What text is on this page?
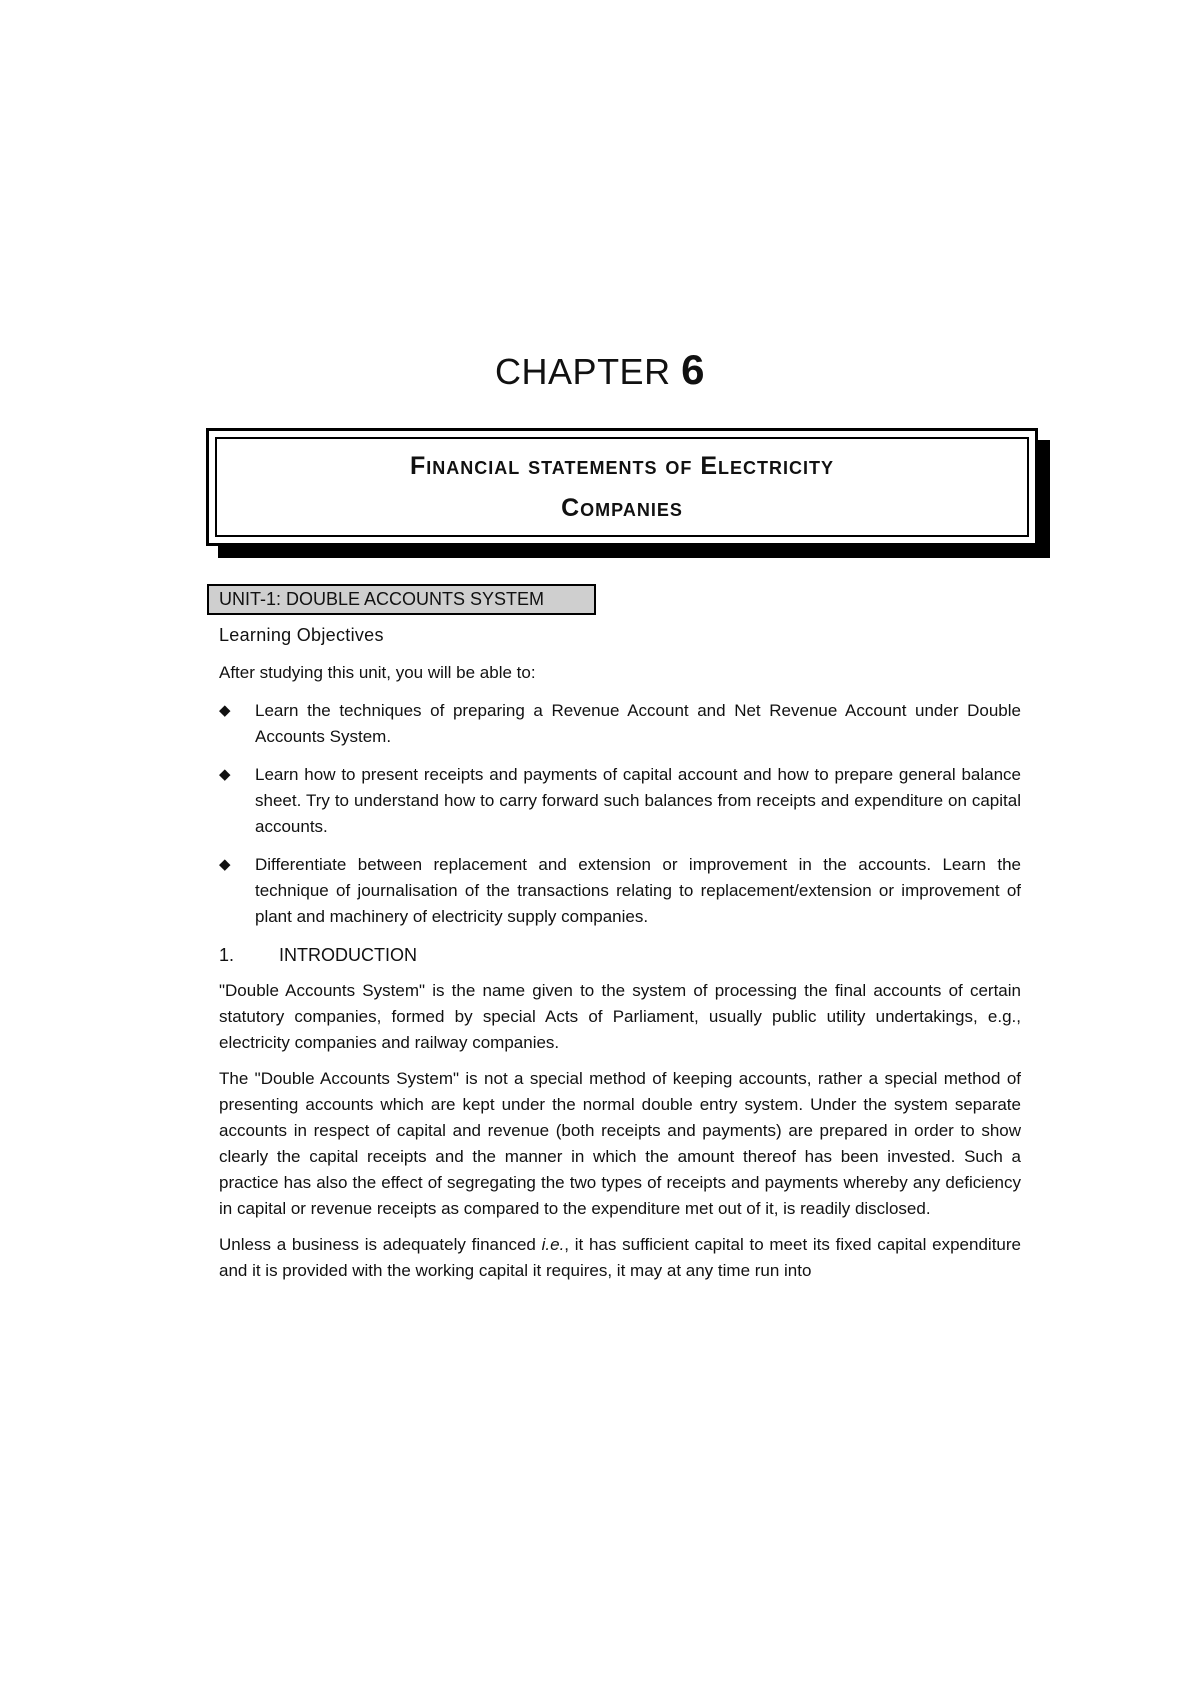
CHAPTER 6
Financial statements of Electricity
Companies
UNIT-1: DOUBLE ACCOUNTS SYSTEM

Learning Objectives

After studying this unit, you will be able to:

◆ Learn the techniques of preparing a Revenue Account and Net Revenue Account under Double Accounts System.
◆ Learn how to present receipts and payments of capital account and how to prepare general balance sheet. Try to understand how to carry forward such balances from receipts and expenditure on capital accounts.
◆ Differentiate between replacement and extension or improvement in the accounts. Learn the technique of journalisation of the transactions relating to replacement/extension or improvement of plant and machinery of electricity supply companies.
1.	INTRODUCTION

"Double Accounts System" is the name given to the system of processing the final accounts of certain statutory companies, formed by special Acts of Parliament, usually public utility undertakings, e.g., electricity companies and railway companies.

The "Double Accounts System" is not a special method of keeping accounts, rather a special method of presenting accounts which are kept under the normal double entry system. Under the system separate accounts in respect of capital and revenue (both receipts and payments) are prepared in order to show clearly the capital receipts and the manner in which the amount thereof has been invested. Such a practice has also the effect of segregating the two types of receipts and payments whereby any deficiency in capital or revenue receipts as compared to the expenditure met out of it, is readily disclosed.

Unless a business is adequately financed i.e., it has sufficient capital to meet its fixed capital expenditure and it is provided with the working capital it requires, it may at any time run into
